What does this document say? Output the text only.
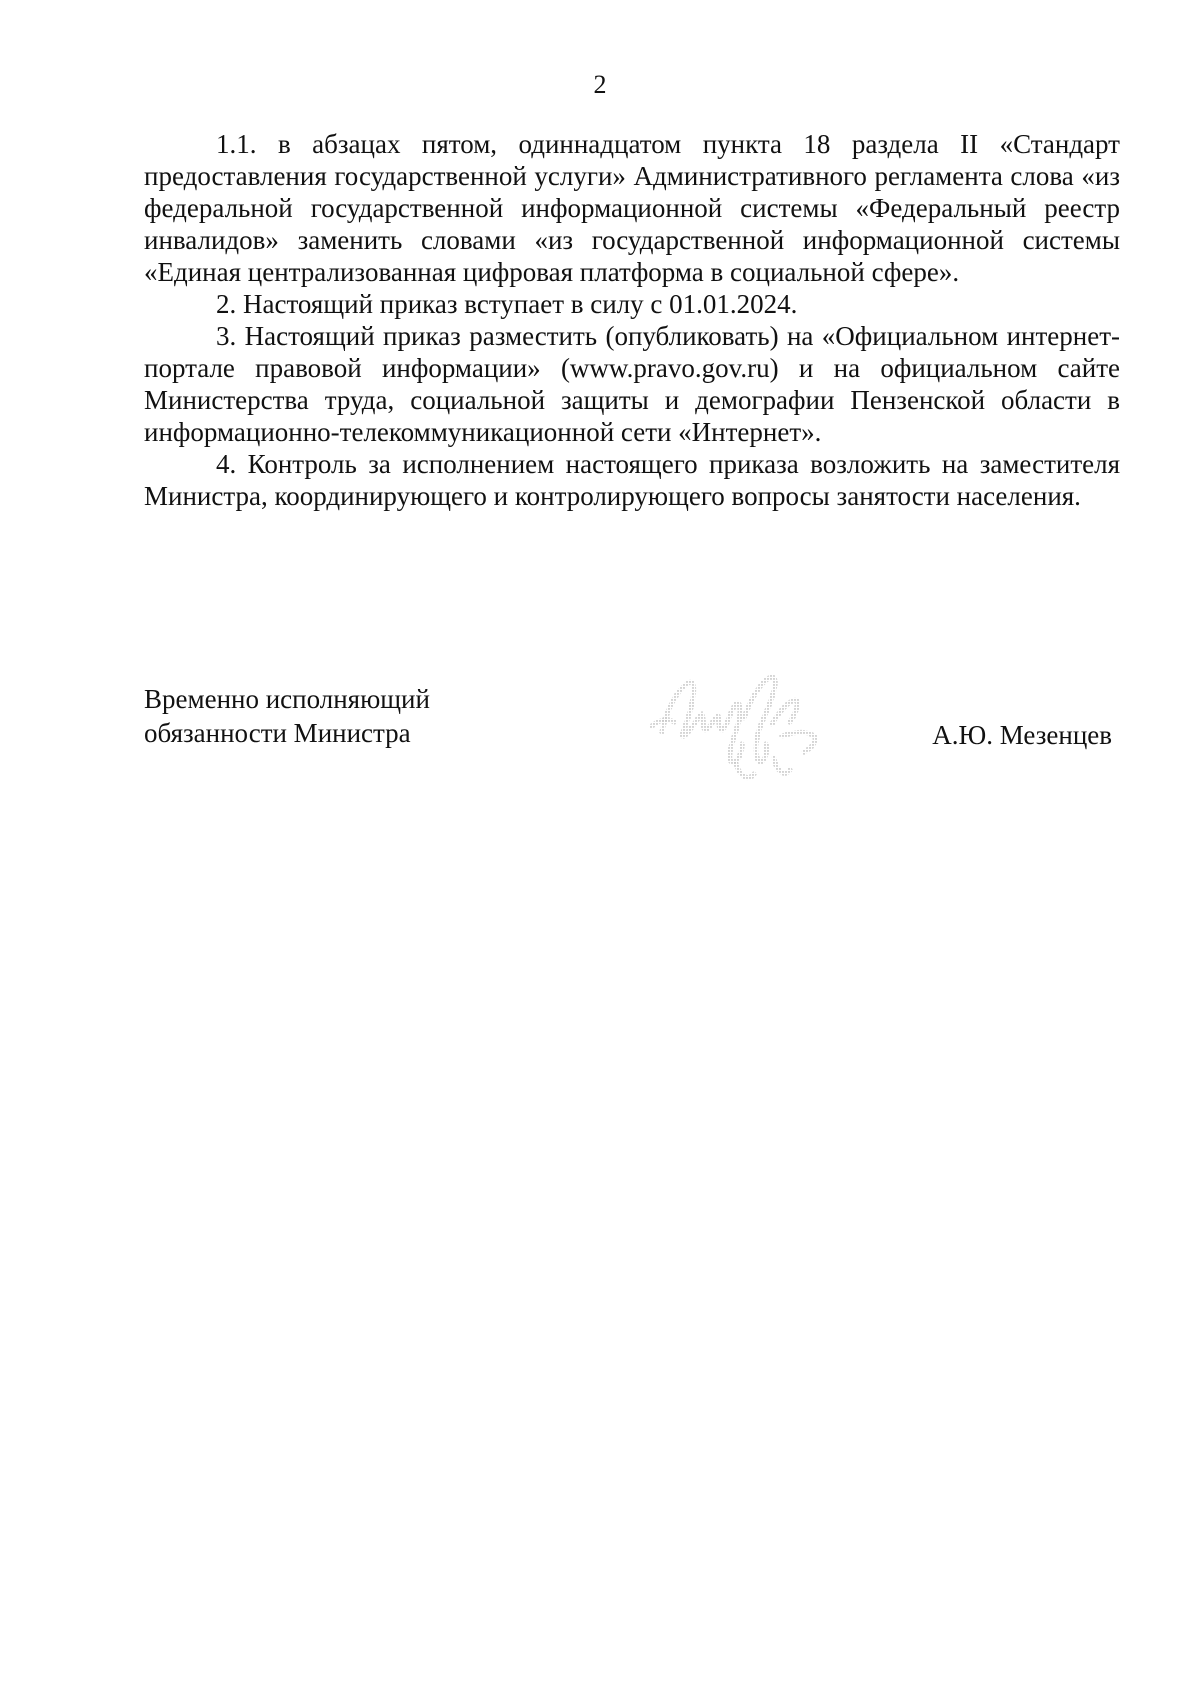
2

1.1. в абзацах пятом, одиннадцатом пункта 18 раздела II «Стандарт предоставления государственной услуги» Административного регламента слова «из федеральной государственной информационной системы «Федеральный реестр инвалидов» заменить словами «из государственной информационной системы «Единая централизованная цифровая платформа в социальной сфере».

2. Настоящий приказ вступает в силу с 01.01.2024.

3. Настоящий приказ разместить (опубликовать) на «Официальном интернет-портале правовой информации» (www.pravo.gov.ru) и на официальном сайте Министерства труда, социальной защиты и демографии Пензенской области в информационно-телекоммуникационной сети «Интернет».

4. Контроль за исполнением настоящего приказа возложить на заместителя Министра, координирующего и контролирующего вопросы занятости населения.

Временно исполняющий
обязанности Министра	А.Ю. Мезенцев
